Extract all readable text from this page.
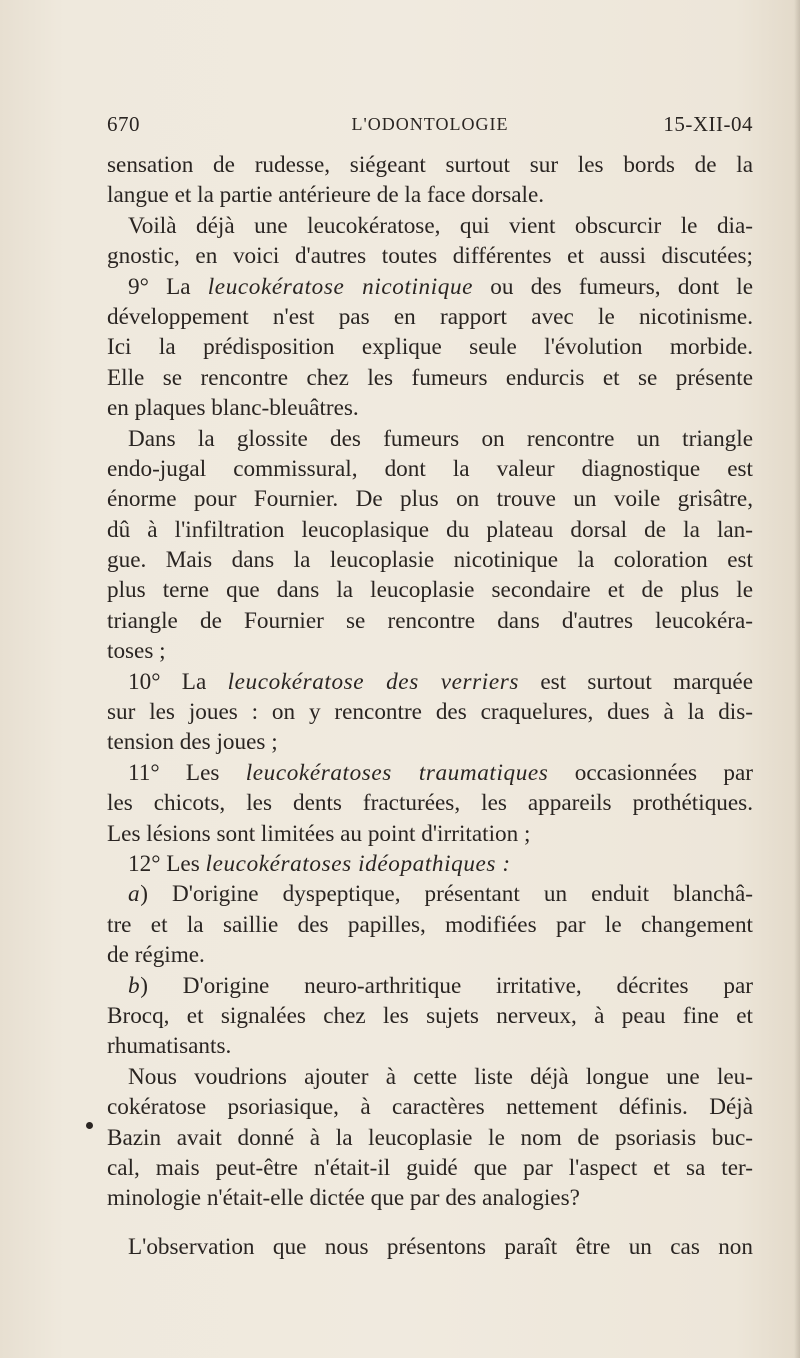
670	L'ODONTOLOGIE	15-XII-04
sensation de rudesse, siégeant surtout sur les bords de la
langue et la partie antérieure de la face dorsale.
Voilà déjà une leucokératose, qui vient obscurcir le dia-
gnostic, en voici d'autres toutes différentes et aussi discutées;
9° La leucokératose nicotinique ou des fumeurs, dont le
développement n'est pas en rapport avec le nicotinisme.
Ici la prédisposition explique seule l'évolution morbide.
Elle se rencontre chez les fumeurs endurcis et se présente
en plaques blanc-bleuâtres.
Dans la glossite des fumeurs on rencontre un triangle
endo-jugal commissural, dont la valeur diagnostique est
énorme pour Fournier. De plus on trouve un voile grisâtre,
dû à l'infiltration leucoplasique du plateau dorsal de la lan-
gue. Mais dans la leucoplasie nicotinique la coloration est
plus terne que dans la leucoplasie secondaire et de plus le
triangle de Fournier se rencontre dans d'autres leucokéra-
toses ;
10° La leucokératose des verriers est surtout marquée
sur les joues : on y rencontre des craquelures, dues à la dis-
tension des joues ;
11° Les leucokératoses traumatiques occasionnées par
les chicots, les dents fracturées, les appareils prothétiques.
Les lésions sont limitées au point d'irritation ;
12° Les leucokératoses idéopathiques :
a) D'origine dyspeptique, présentant un enduit blanchâ-
tre et la saillie des papilles, modifiées par le changement
de régime.
b) D'origine neuro-arthritique irritative, décrites par
Brocq, et signalées chez les sujets nerveux, à peau fine et
rhumatisants.
Nous voudrions ajouter à cette liste déjà longue une leu-
cokératose psoriasique, à caractères nettement définis. Déjà
Bazin avait donné à la leucoplasie le nom de psoriasis buc-
cal, mais peut-être n'était-il guidé que par l'aspect et sa ter-
minologie n'était-elle dictée que par des analogies?
L'observation que nous présentons paraît être un cas non
